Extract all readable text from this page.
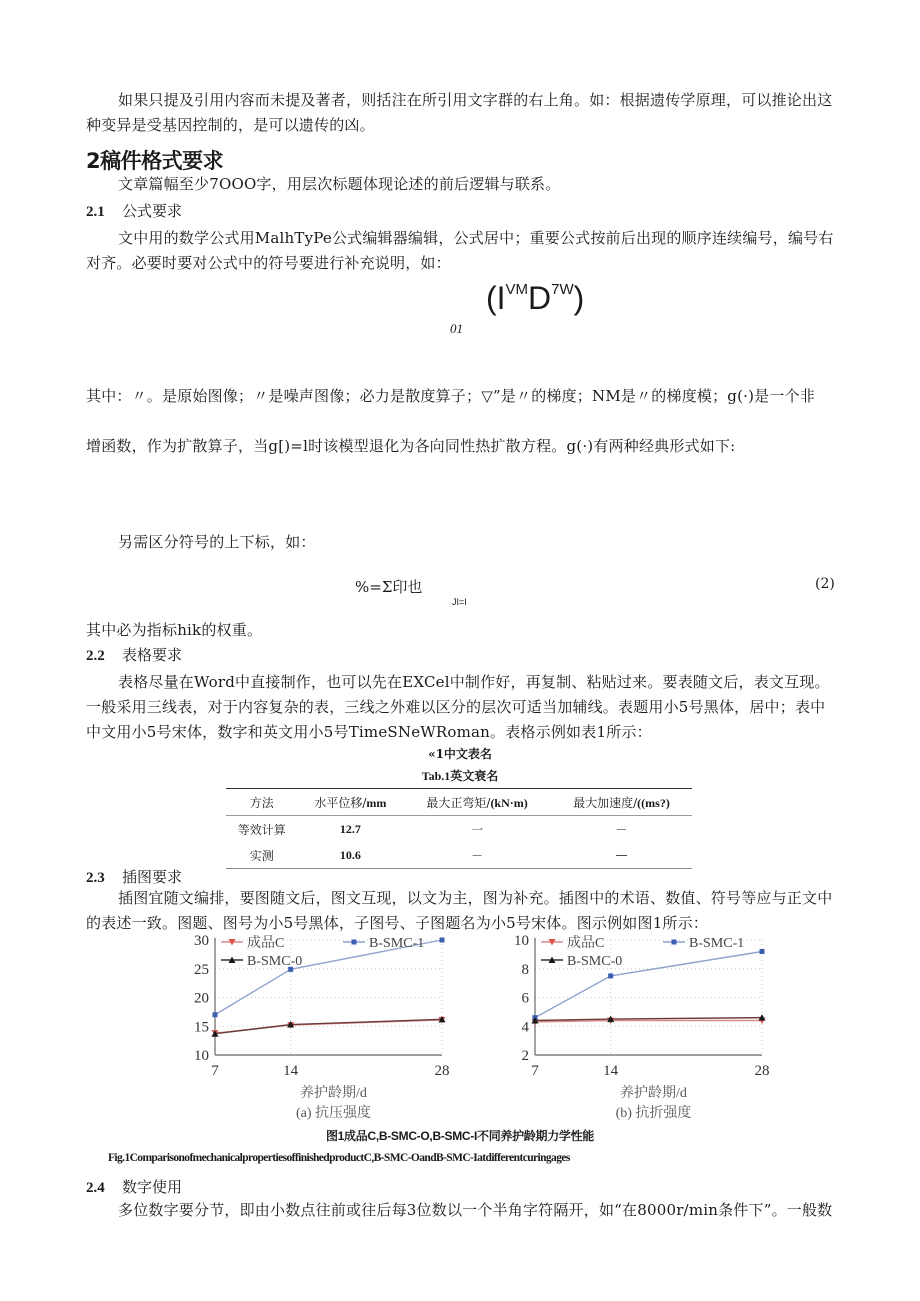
如果只提及引用内容而未提及著者，则括注在所引用文字群的右上角。如：根据遗传学原理，可以推论出这种变异是受基因控制的，是可以遗传的凶。
2稿件格式要求
文章篇幅至少7OOO字，用层次标题体现论述的前后逻辑与联系。
2.1 公式要求
文中用的数学公式用MalhTyPe公式编辑器编辑，公式居中；重要公式按前后出现的顺序连续编号，编号右对齐。必要时要对公式中的符号要进行补充说明，如：
$(I^{VM}D^{7W})$
01
其中：〃。是原始图像；〃是噪声图像；必力是散度算子；▽”是〃的梯度；NM是〃的梯度模；g(·)是一个非
增函数，作为扩散算子，当g[)=l时该模型退化为各向同性热扩散方程。g(·)有两种经典形式如下:
另需区分符号的上下标，如：
%=Σ印也
JI=I
(2)
其中必为指标hik的权重。
2.2 表格要求
表格尽量在Word中直接制作，也可以先在EXCel中制作好，再复制、粘贴过来。要表随文后，表文互现。一般采用三线表，对于内容复杂的表，三线之外难以区分的层次可适当加辅线。表题用小5号黑体，居中；表中中文用小5号宋体，数字和英文用小5号TimeSNeWRoman。表格示例如表1所示：
«1中文表名
Tab.1英文衰名
方法	水平位移/mm	最大正弯矩/(kN·m)	最大加速度/((ms?)
等效计算	12.7	一	－
实测	10.6	－	—
2.3 插图要求
插图宜随文编排，要图随文后，图文互现，以文为主，图为补充。插图中的术语、数值、符号等应与正文中的表述一致。图题、图号为小5号黑体，子图号、子图题名为小5号宋体。图示例如图1所示：
10
15
20
25
30
7	14	28
成品C	B-SMC-1
B-SMC-0
养护龄期/d
(a) 抗压强度
2
4
6
8
10
7	14	28
成品C	B-SMC-1
B-SMC-0
养护龄期/d
(b) 抗折强度
图1成品C,B-SMC-O,B-SMC-I不同养护龄期力学性能
Fig.1ComparisonofmechanicalpropertiesoffinishedproductC,B-SMC-OandB-SMC-Iatdifferentcuringages
2.4 数字使用
多位数字要分节，即由小数点往前或往后每3位数以一个半角字符隔开，如“在8000r/min条件下”。一般数
